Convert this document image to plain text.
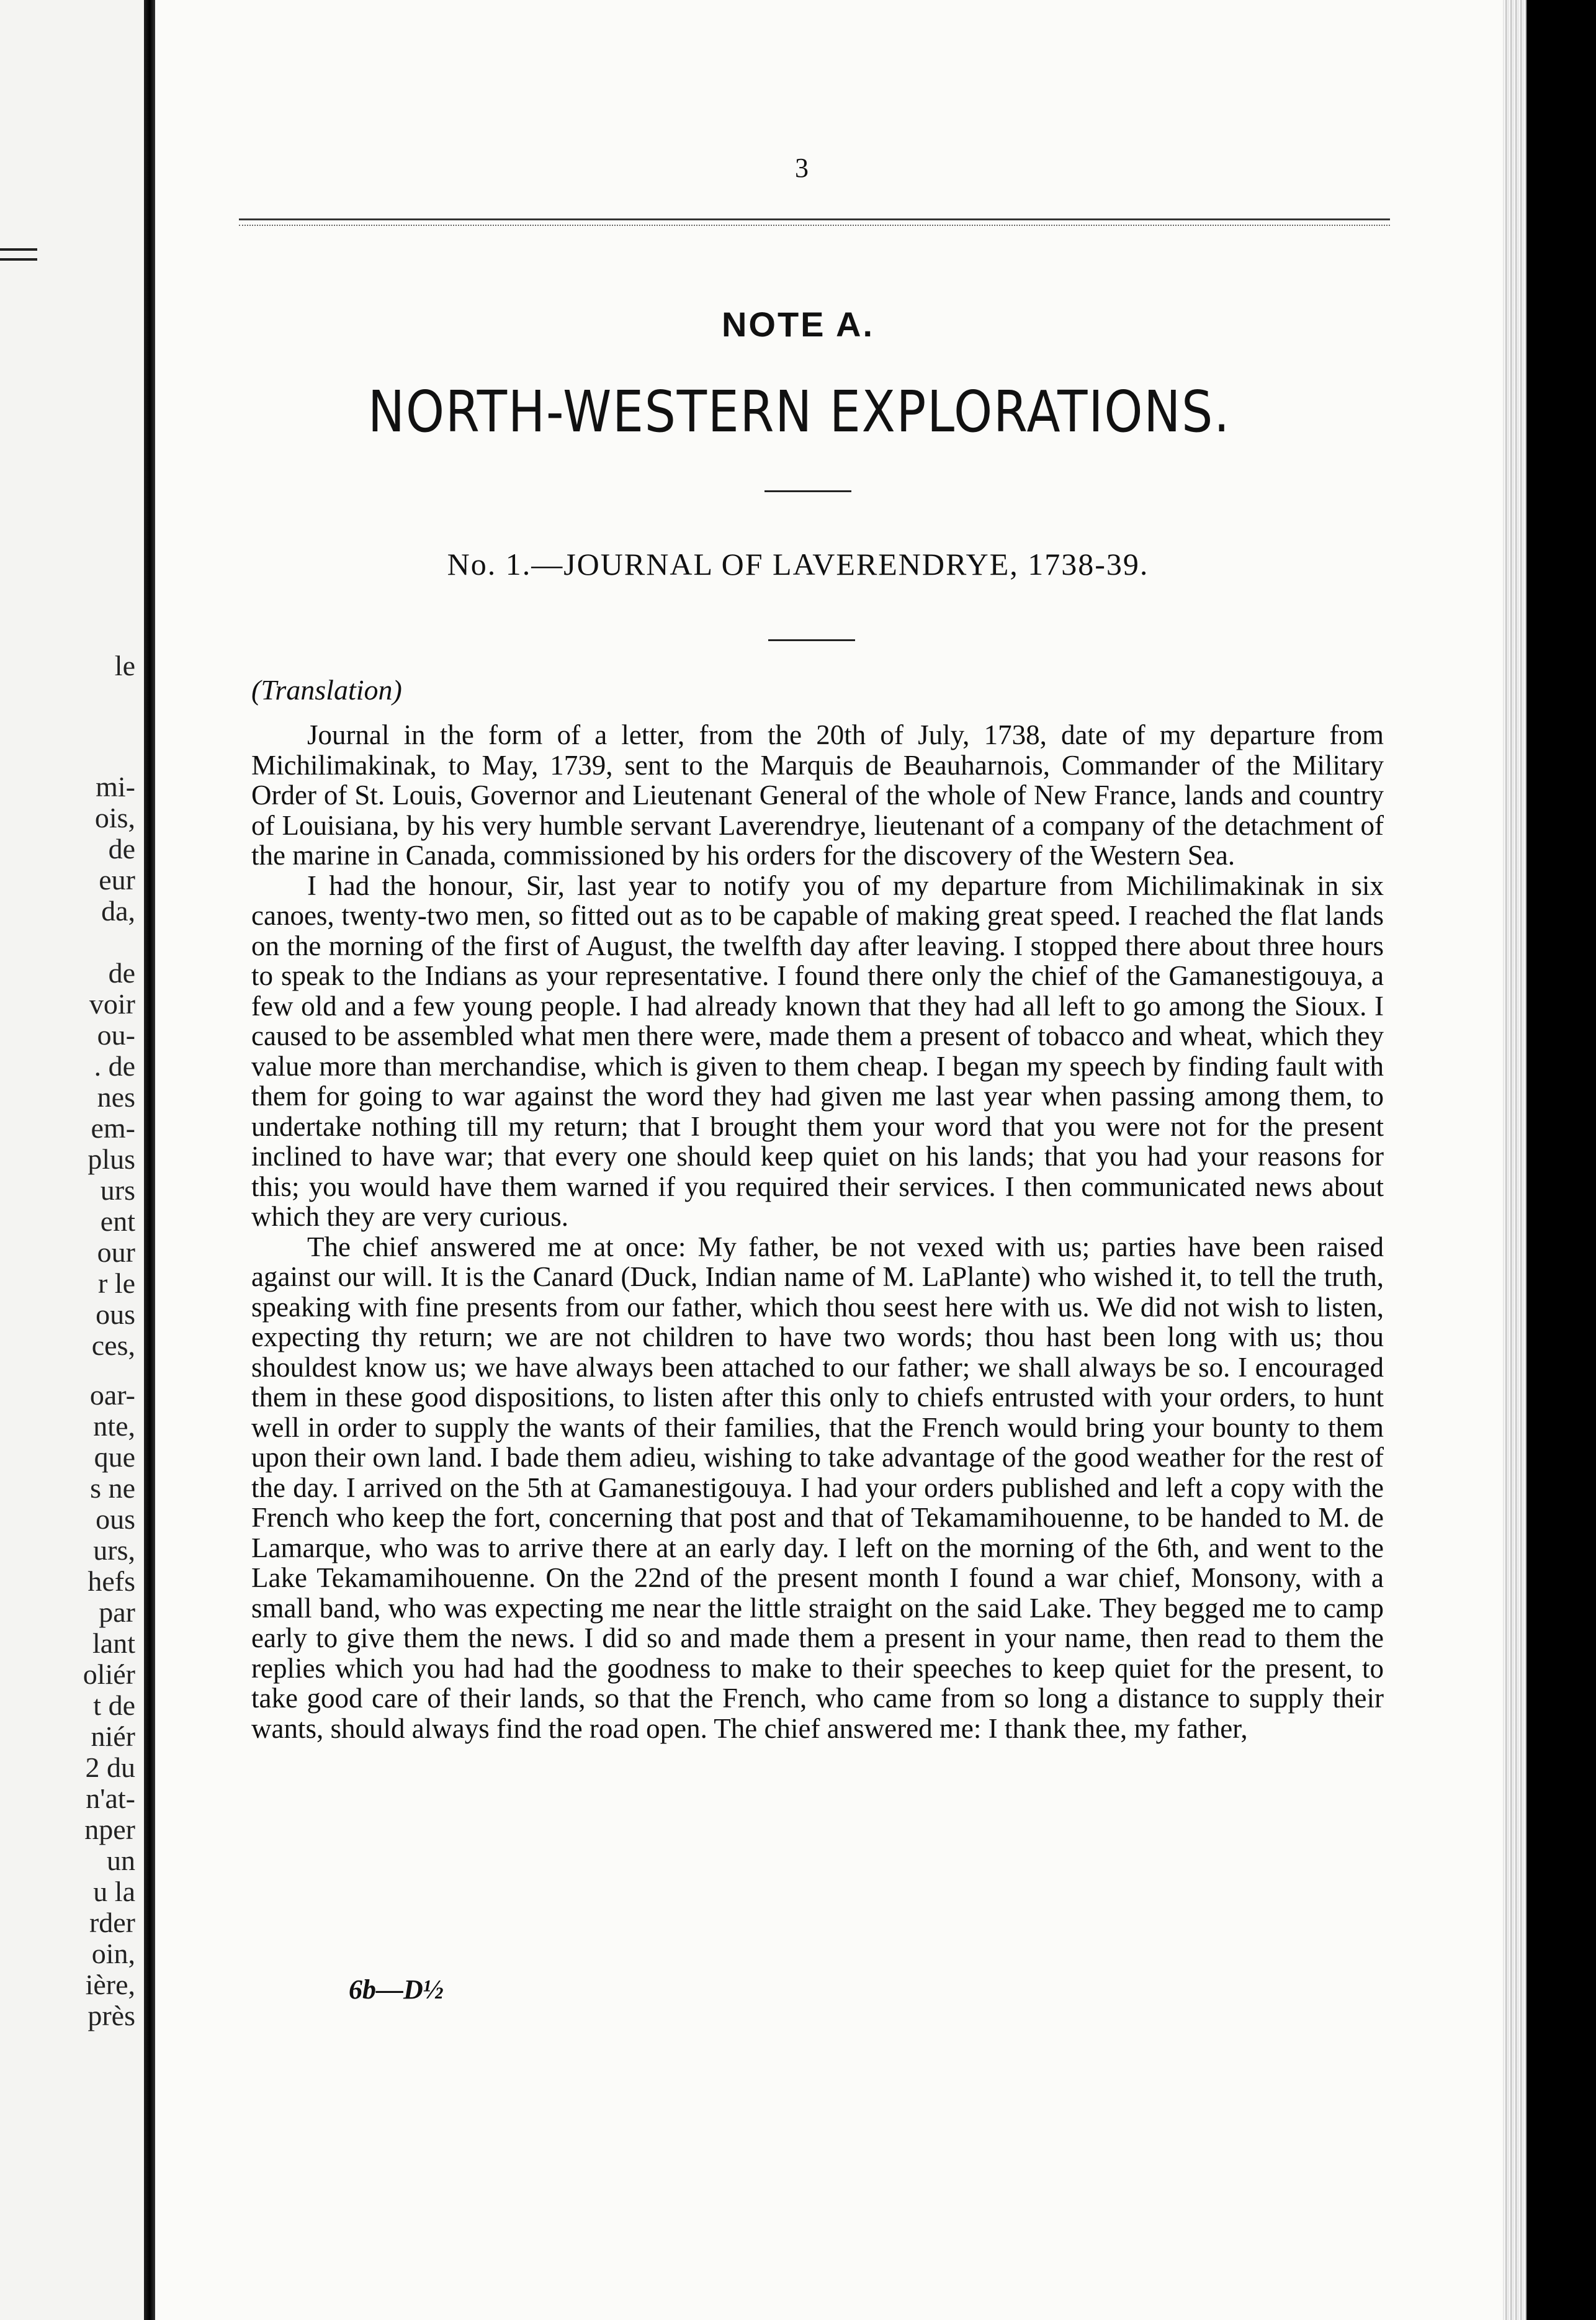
le
mi-
ois,
de
eur
da,
de
voir
ou-
. de
nes
em-
plus
urs
ent
our
r le
ous
ces,
oar-
nte,
que
s ne
ous
urs,
hefs
par
lant
oliér
t de
niér
2 du
n'at-
nper
un
u la
rder
oin,
ière,
près
3
NOTE A.
NORTH-WESTERN EXPLORATIONS.
No. 1.—JOURNAL OF LAVERENDRYE, 1738-39.
(Translation)

Journal in the form of a letter, from the 20th of July, 1738, date of my departure from Michilimakinak, to May, 1739, sent to the Marquis de Beauharnois, Commander of the Military Order of St. Louis, Governor and Lieutenant General of the whole of New France, lands and country of Louisiana, by his very humble servant Laverendrye, lieutenant of a company of the detachment of the marine in Canada, commissioned by his orders for the discovery of the Western Sea.

I had the honour, Sir, last year to notify you of my departure from Michilimakinak in six canoes, twenty-two men, so fitted out as to be capable of making great speed. I reached the flat lands on the morning of the first of August, the twelfth day after leaving. I stopped there about three hours to speak to the Indians as your representative. I found there only the chief of the Gamanestigouya, a few old and a few young people. I had already known that they had all left to go among the Sioux. I caused to be assembled what men there were, made them a present of tobacco and wheat, which they value more than merchandise, which is given to them cheap. I began my speech by finding fault with them for going to war against the word they had given me last year when passing among them, to undertake nothing till my return; that I brought them your word that you were not for the present inclined to have war; that every one should keep quiet on his lands; that you had your reasons for this; you would have them warned if you required their services. I then communicated news about which they are very curious.

The chief answered me at once: My father, be not vexed with us; parties have been raised against our will. It is the Canard (Duck, Indian name of M. LaPlante) who wished it, to tell the truth, speaking with fine presents from our father, which thou seest here with us. We did not wish to listen, expecting thy return; we are not children to have two words; thou hast been long with us; thou shouldest know us; we have always been attached to our father; we shall always be so. I encouraged them in these good dispositions, to listen after this only to chiefs entrusted with your orders, to hunt well in order to supply the wants of their families, that the French would bring your bounty to them upon their own land. I bade them adieu, wishing to take advantage of the good weather for the rest of the day. I arrived on the 5th at Gamanestigouya. I had your orders published and left a copy with the French who keep the fort, concerning that post and that of Tekamamihouenne, to be handed to M. de Lamarque, who was to arrive there at an early day. I left on the morning of the 6th, and went to the Lake Tekamamihouenne. On the 22nd of the present month I found a war chief, Monsony, with a small band, who was expecting me near the little straight on the said Lake. They begged me to camp early to give them the news. I did so and made them a present in your name, then read to them the replies which you had had the goodness to make to their speeches to keep quiet for the present, to take good care of their lands, so that the French, who came from so long a distance to supply their wants, should always find the road open. The chief answered me: I thank thee, my father,

6b—D½
